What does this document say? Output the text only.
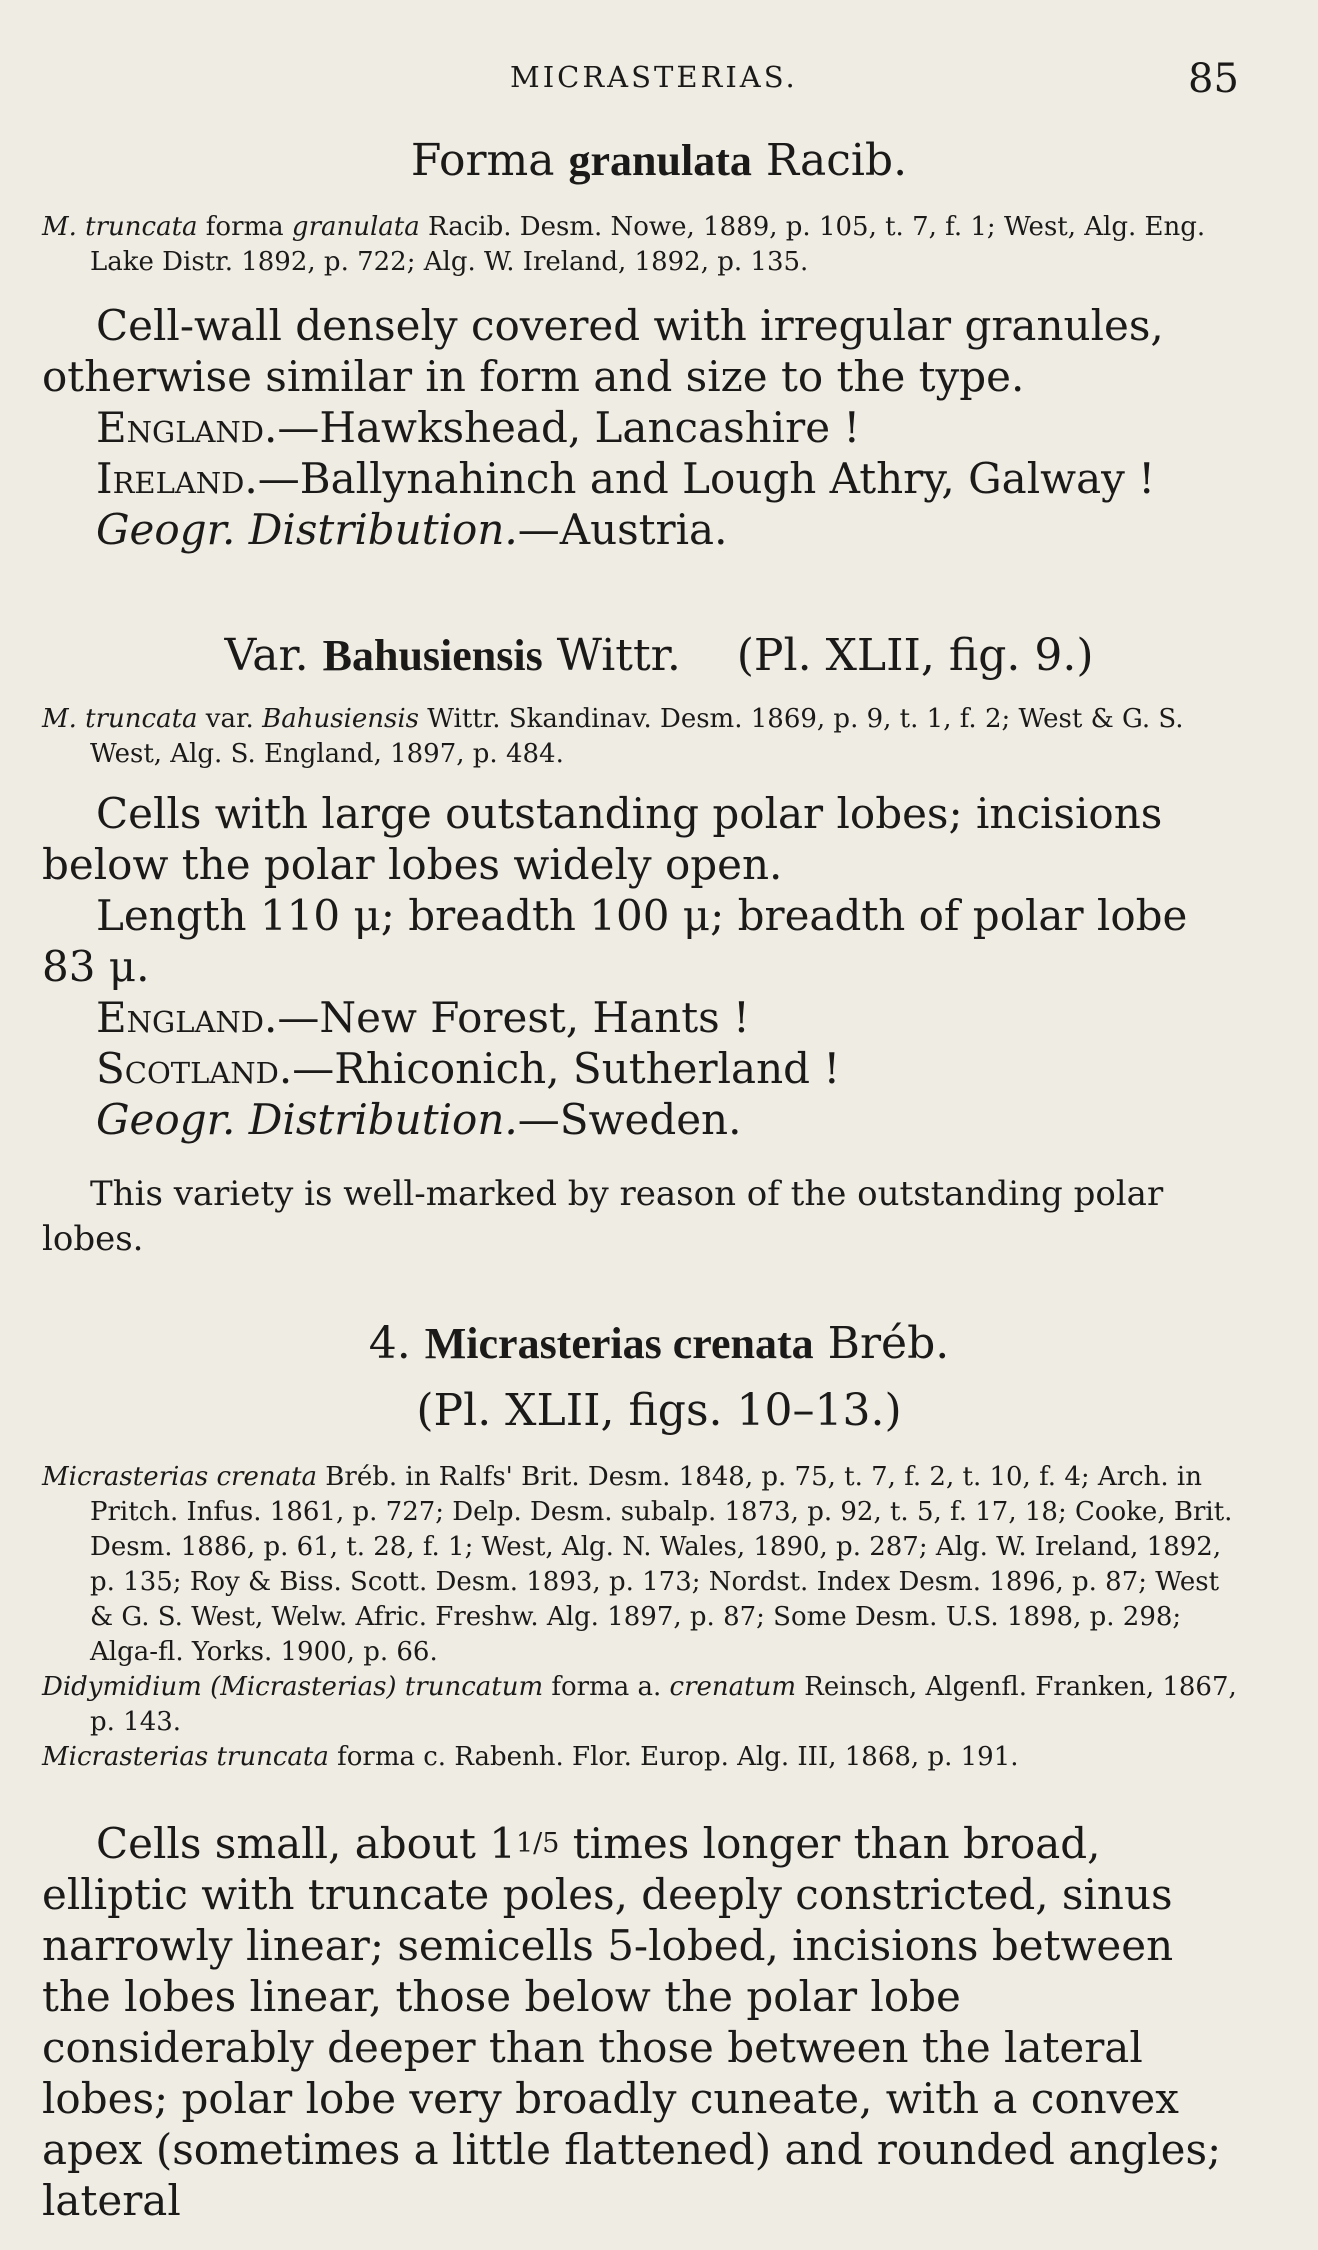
MICRASTERIAS.	85
Forma granulata Racib.

M. truncata forma granulata Racib. Desm. Nowe, 1889, p. 105, t. 7, f. 1; West, Alg. Eng. Lake Distr. 1892, p. 722; Alg. W. Ireland, 1892, p. 135.

Cell-wall densely covered with irregular granules, otherwise similar in form and size to the type.

England.—Hawkshead, Lancashire !

Ireland.—Ballynahinch and Lough Athry, Galway !

Geogr. Distribution.—Austria.

Var. Bahusiensis Wittr. (Pl. XLII, fig. 9.)

M. truncata var. Bahusiensis Wittr. Skandinav. Desm. 1869, p. 9, t. 1, f. 2; West & G. S. West, Alg. S. England, 1897, p. 484.

Cells with large outstanding polar lobes; incisions below the polar lobes widely open.

Length 110 μ; breadth 100 μ; breadth of polar lobe 83 μ.

England.—New Forest, Hants !

Scotland.—Rhiconich, Sutherland !

Geogr. Distribution.—Sweden.

This variety is well-marked by reason of the outstanding polar lobes.

4. Micrasterias crenata Bréb.
(Pl. XLII, figs. 10–13.)

Micrasterias crenata Bréb. in Ralfs' Brit. Desm. 1848, p. 75, t. 7, f. 2, t. 10, f. 4; Arch. in Pritch. Infus. 1861, p. 727; Delp. Desm. subalp. 1873, p. 92, t. 5, f. 17, 18; Cooke, Brit. Desm. 1886, p. 61, t. 28, f. 1; West, Alg. N. Wales, 1890, p. 287; Alg. W. Ireland, 1892, p. 135; Roy & Biss. Scott. Desm. 1893, p. 173; Nordst. Index Desm. 1896, p. 87; West & G. S. West, Welw. Afric. Freshw. Alg. 1897, p. 87; Some Desm. U.S. 1898, p. 298; Alga-fl. Yorks. 1900, p. 66.

Didymidium (Micrasterias) truncatum forma a. crenatum Reinsch, Algenfl. Franken, 1867, p. 143.

Micrasterias truncata forma c. Rabenh. Flor. Europ. Alg. III, 1868, p. 191.

Cells small, about 11/5 times longer than broad, elliptic with truncate poles, deeply constricted, sinus narrowly linear; semicells 5-lobed, incisions between the lobes linear, those below the polar lobe considerably deeper than those between the lateral lobes; polar lobe very broadly cuneate, with a convex apex (sometimes a little flattened) and rounded angles; lateral
